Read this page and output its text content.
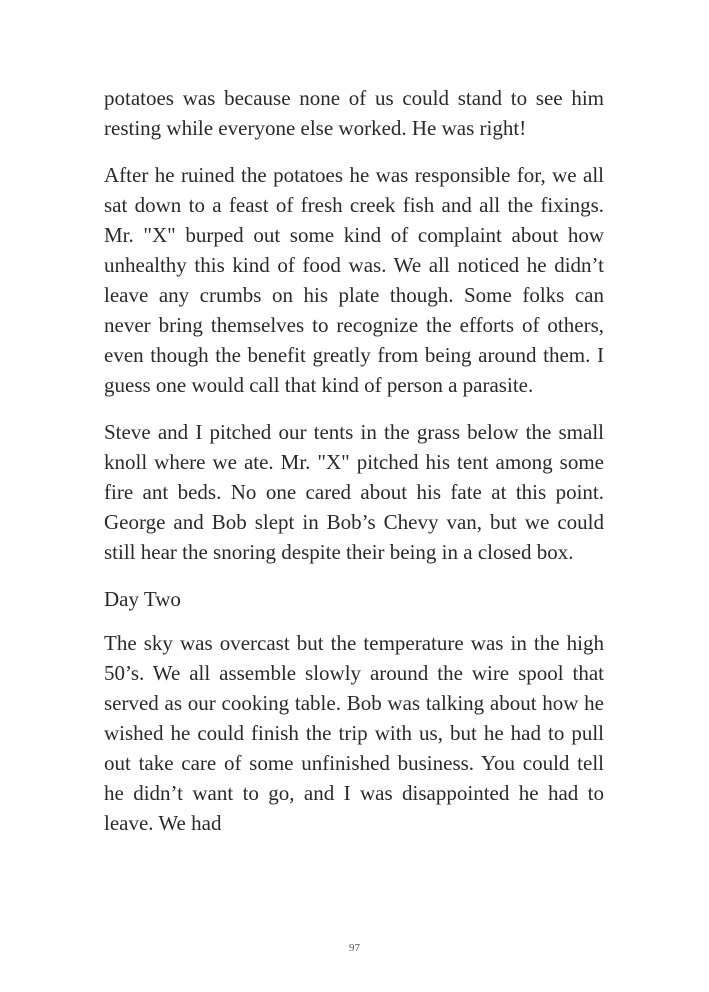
potatoes was because none of us could stand to see him resting while everyone else worked. He was right!

After he ruined the potatoes he was responsible for, we all sat down to a feast of fresh creek fish and all the fixings. Mr. "X" burped out some kind of complaint about how unhealthy this kind of food was. We all noticed he didn’t leave any crumbs on his plate though. Some folks can never bring themselves to recognize the efforts of others, even though the benefit greatly from being around them. I guess one would call that kind of person a parasite.

Steve and I pitched our tents in the grass below the small knoll where we ate. Mr. "X" pitched his tent among some fire ant beds. No one cared about his fate at this point. George and Bob slept in Bob’s Chevy van, but we could still hear the snoring despite their being in a closed box.

Day Two

The sky was overcast but the temperature was in the high 50’s. We all assemble slowly around the wire spool that served as our cooking table. Bob was talking about how he wished he could finish the trip with us, but he had to pull out take care of some unfinished business. You could tell he didn’t want to go, and I was disappointed he had to leave. We had

97
